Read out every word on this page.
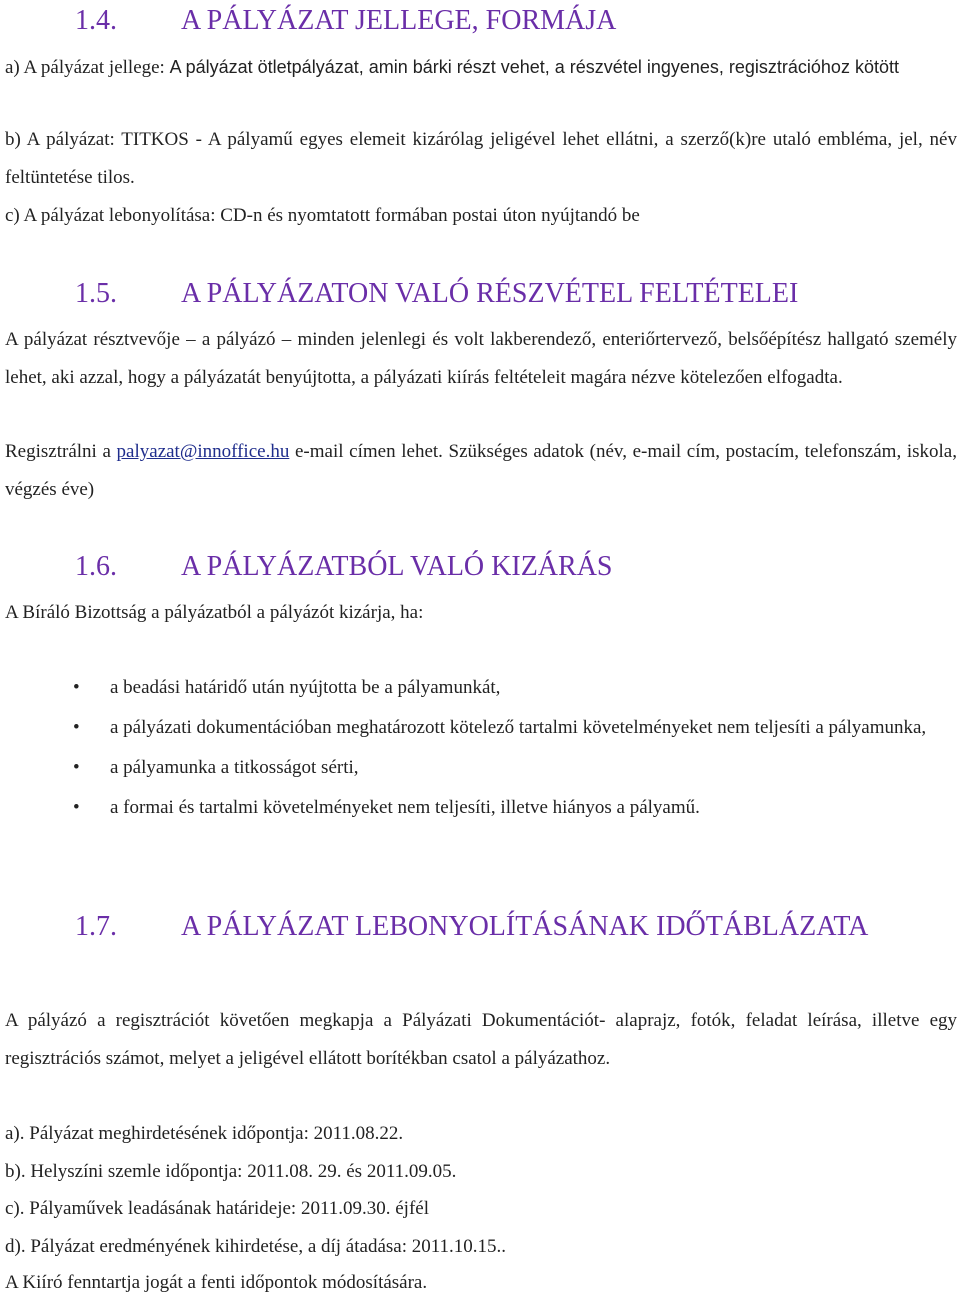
1.4. A PÁLYÁZAT JELLEGE, FORMÁJA

a) A pályázat jellege: A pályázat ötletpályázat, amin bárki részt vehet, a részvétel ingyenes, regisztrációhoz kötött

b) A pályázat: TITKOS - A pályamű egyes elemeit kizárólag jeligével lehet ellátni, a szerző(k)re utaló embléma, jel, név feltüntetése tilos.

c) A pályázat lebonyolítása: CD-n és nyomtatott formában postai úton nyújtandó be

1.5. A PÁLYÁZATON VALÓ RÉSZVÉTEL FELTÉTELEI

A pályázat résztvevője – a pályázó – minden jelenlegi és volt lakberendező, enteriőrtervező, belsőépítész hallgató személy lehet, aki azzal, hogy a pályázatát benyújtotta, a pályázati kiírás feltételeit magára nézve kötelezően elfogadta.

Regisztrálni a palyazat@innoffice.hu e-mail címen lehet. Szükséges adatok (név, e-mail cím, postacím, telefonszám, iskola, végzés éve)

1.6. A PÁLYÁZATBÓL VALÓ KIZÁRÁS

A Bíráló Bizottság a pályázatból a pályázót kizárja, ha:

• a beadási határidő után nyújtotta be a pályamunkát,
• a pályázati dokumentációban meghatározott kötelező tartalmi követelményeket nem teljesíti a pályamunka,
• a pályamunka a titkosságot sérti,
• a formai és tartalmi követelményeket nem teljesíti, illetve hiányos a pályamű.
1.7. A PÁLYÁZAT LEBONYOLÍTÁSÁNAK IDŐTÁBLÁZATA

A pályázó a regisztrációt követően megkapja a Pályázati Dokumentációt- alaprajz, fotók, feladat leírása, illetve egy regisztrációs számot, melyet a jeligével ellátott borítékban csatol a pályázathoz.

a). Pályázat meghirdetésének időpontja: 2011.08.22.

b). Helyszíni szemle időpontja: 2011.08. 29. és 2011.09.05.

c). Pályaművek leadásának határideje: 2011.09.30. éjfél

d). Pályázat eredményének kihirdetése, a díj átadása: 2011.10.15..

A Kiíró fenntartja jogát a fenti időpontok módosítására.
